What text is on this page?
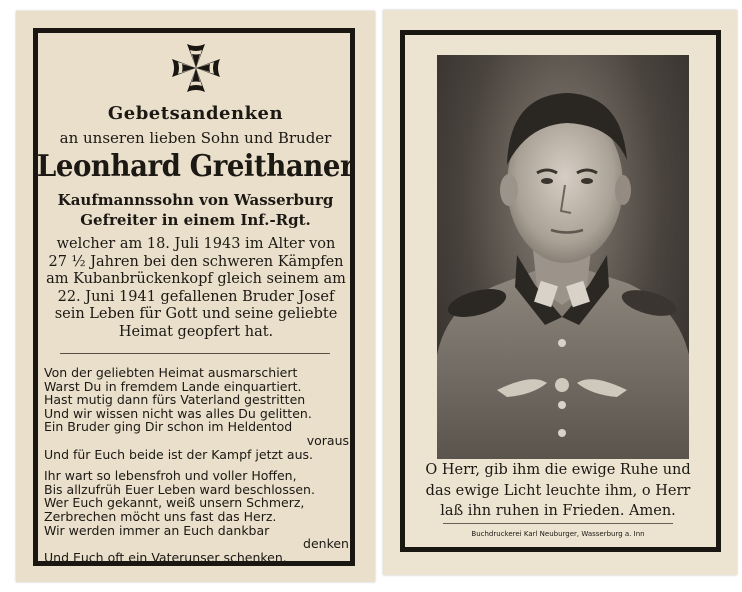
Gebetsandenken
an unseren lieben Sohn und Bruder
Leonhard Greithaner
Kaufmannssohn von Wasserburg
Gefreiter in einem Inf.-Rgt.
welcher am 18. Juli 1943 im Alter von
27 ½ Jahren bei den schweren Kämpfen
am Kubanbrückenkopf gleich seinem am
22. Juni 1941 gefallenen Bruder Josef
sein Leben für Gott und seine geliebte
Heimat geopfert hat.
Von der geliebten Heimat ausmarschiert
Warst Du in fremdem Lande einquartiert.
Hast mutig dann fürs Vaterland gestritten
Und wir wissen nicht was alles Du gelitten.
Ein Bruder ging Dir schon im Heldentod
voraus
Und für Euch beide ist der Kampf jetzt aus.
Ihr wart so lebensfroh und voller Hoffen,
Bis allzufrüh Euer Leben ward beschlossen.
Wer Euch gekannt, weiß unsern Schmerz,
Zerbrechen möcht uns fast das Herz.
Wir werden immer an Euch dankbar
denken
Und Euch oft ein Vaterunser schenken.
O Herr, gib ihm die ewige Ruhe und
das ewige Licht leuchte ihm, o Herr
laß ihn ruhen in Frieden. Amen.
Buchdruckerei Karl Neuburger, Wasserburg a. Inn
